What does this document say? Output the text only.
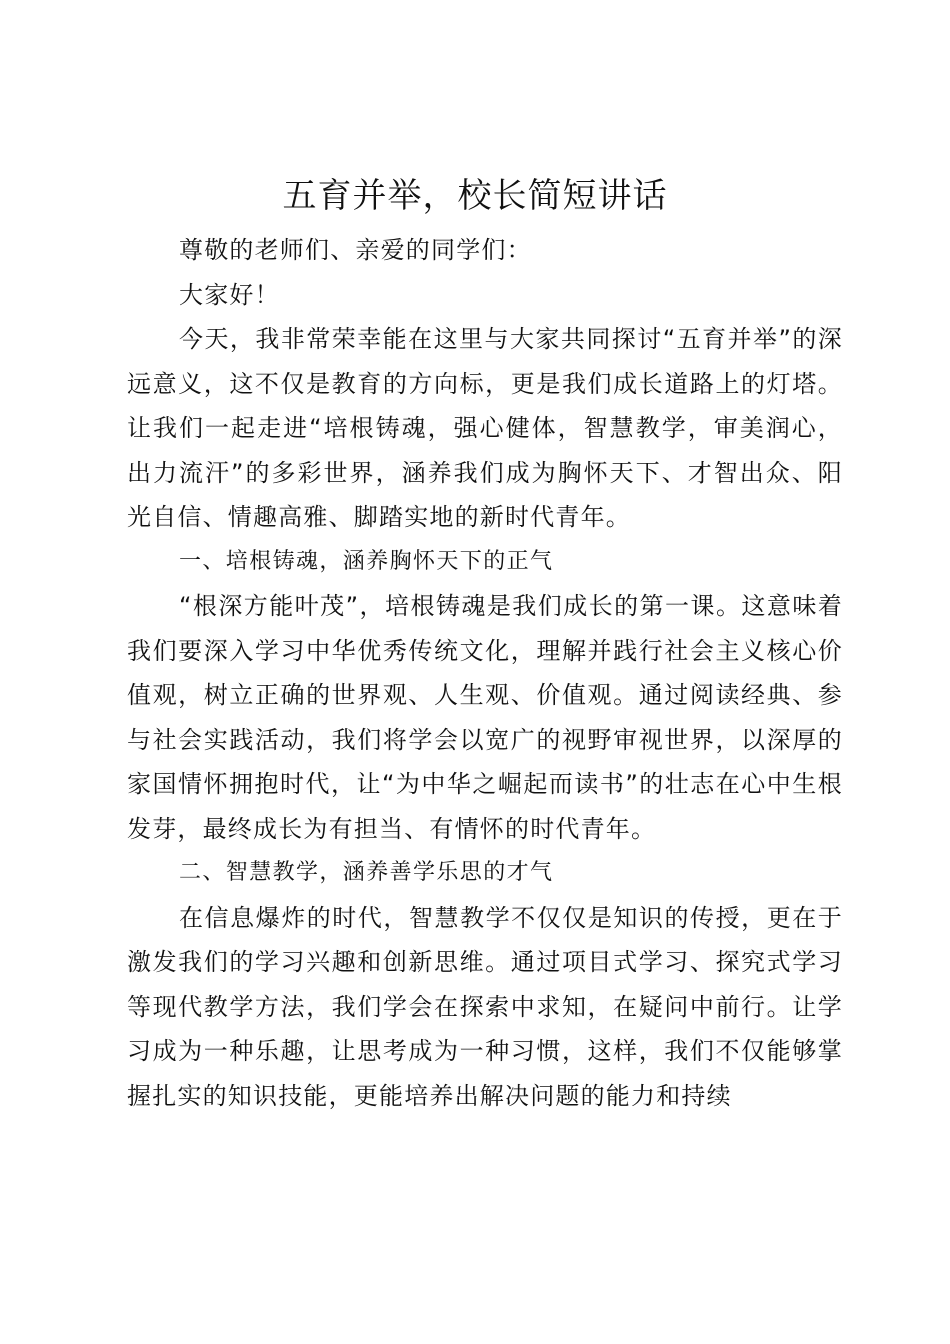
五育并举，校长简短讲话

尊敬的老师们、亲爱的同学们：

大家好！

今天，我非常荣幸能在这里与大家共同探讨“五育并举”的深远意义，这不仅是教育的方向标，更是我们成长道路上的灯塔。让我们一起走进“培根铸魂，强心健体，智慧教学，审美润心，出力流汗”的多彩世界，涵养我们成为胸怀天下、才智出众、阳光自信、情趣高雅、脚踏实地的新时代青年。

一、培根铸魂，涵养胸怀天下的正气

“根深方能叶茂”，培根铸魂是我们成长的第一课。这意味着我们要深入学习中华优秀传统文化，理解并践行社会主义核心价值观，树立正确的世界观、人生观、价值观。通过阅读经典、参与社会实践活动，我们将学会以宽广的视野审视世界，以深厚的家国情怀拥抱时代，让“为中华之崛起而读书”的壮志在心中生根发芽，最终成长为有担当、有情怀的时代青年。

二、智慧教学，涵养善学乐思的才气

在信息爆炸的时代，智慧教学不仅仅是知识的传授，更在于激发我们的学习兴趣和创新思维。通过项目式学习、探究式学习等现代教学方法，我们学会在探索中求知，在疑问中前行。让学习成为一种乐趣，让思考成为一种习惯，这样，我们不仅能够掌握扎实的知识技能，更能培养出解决问题的能力和持续
